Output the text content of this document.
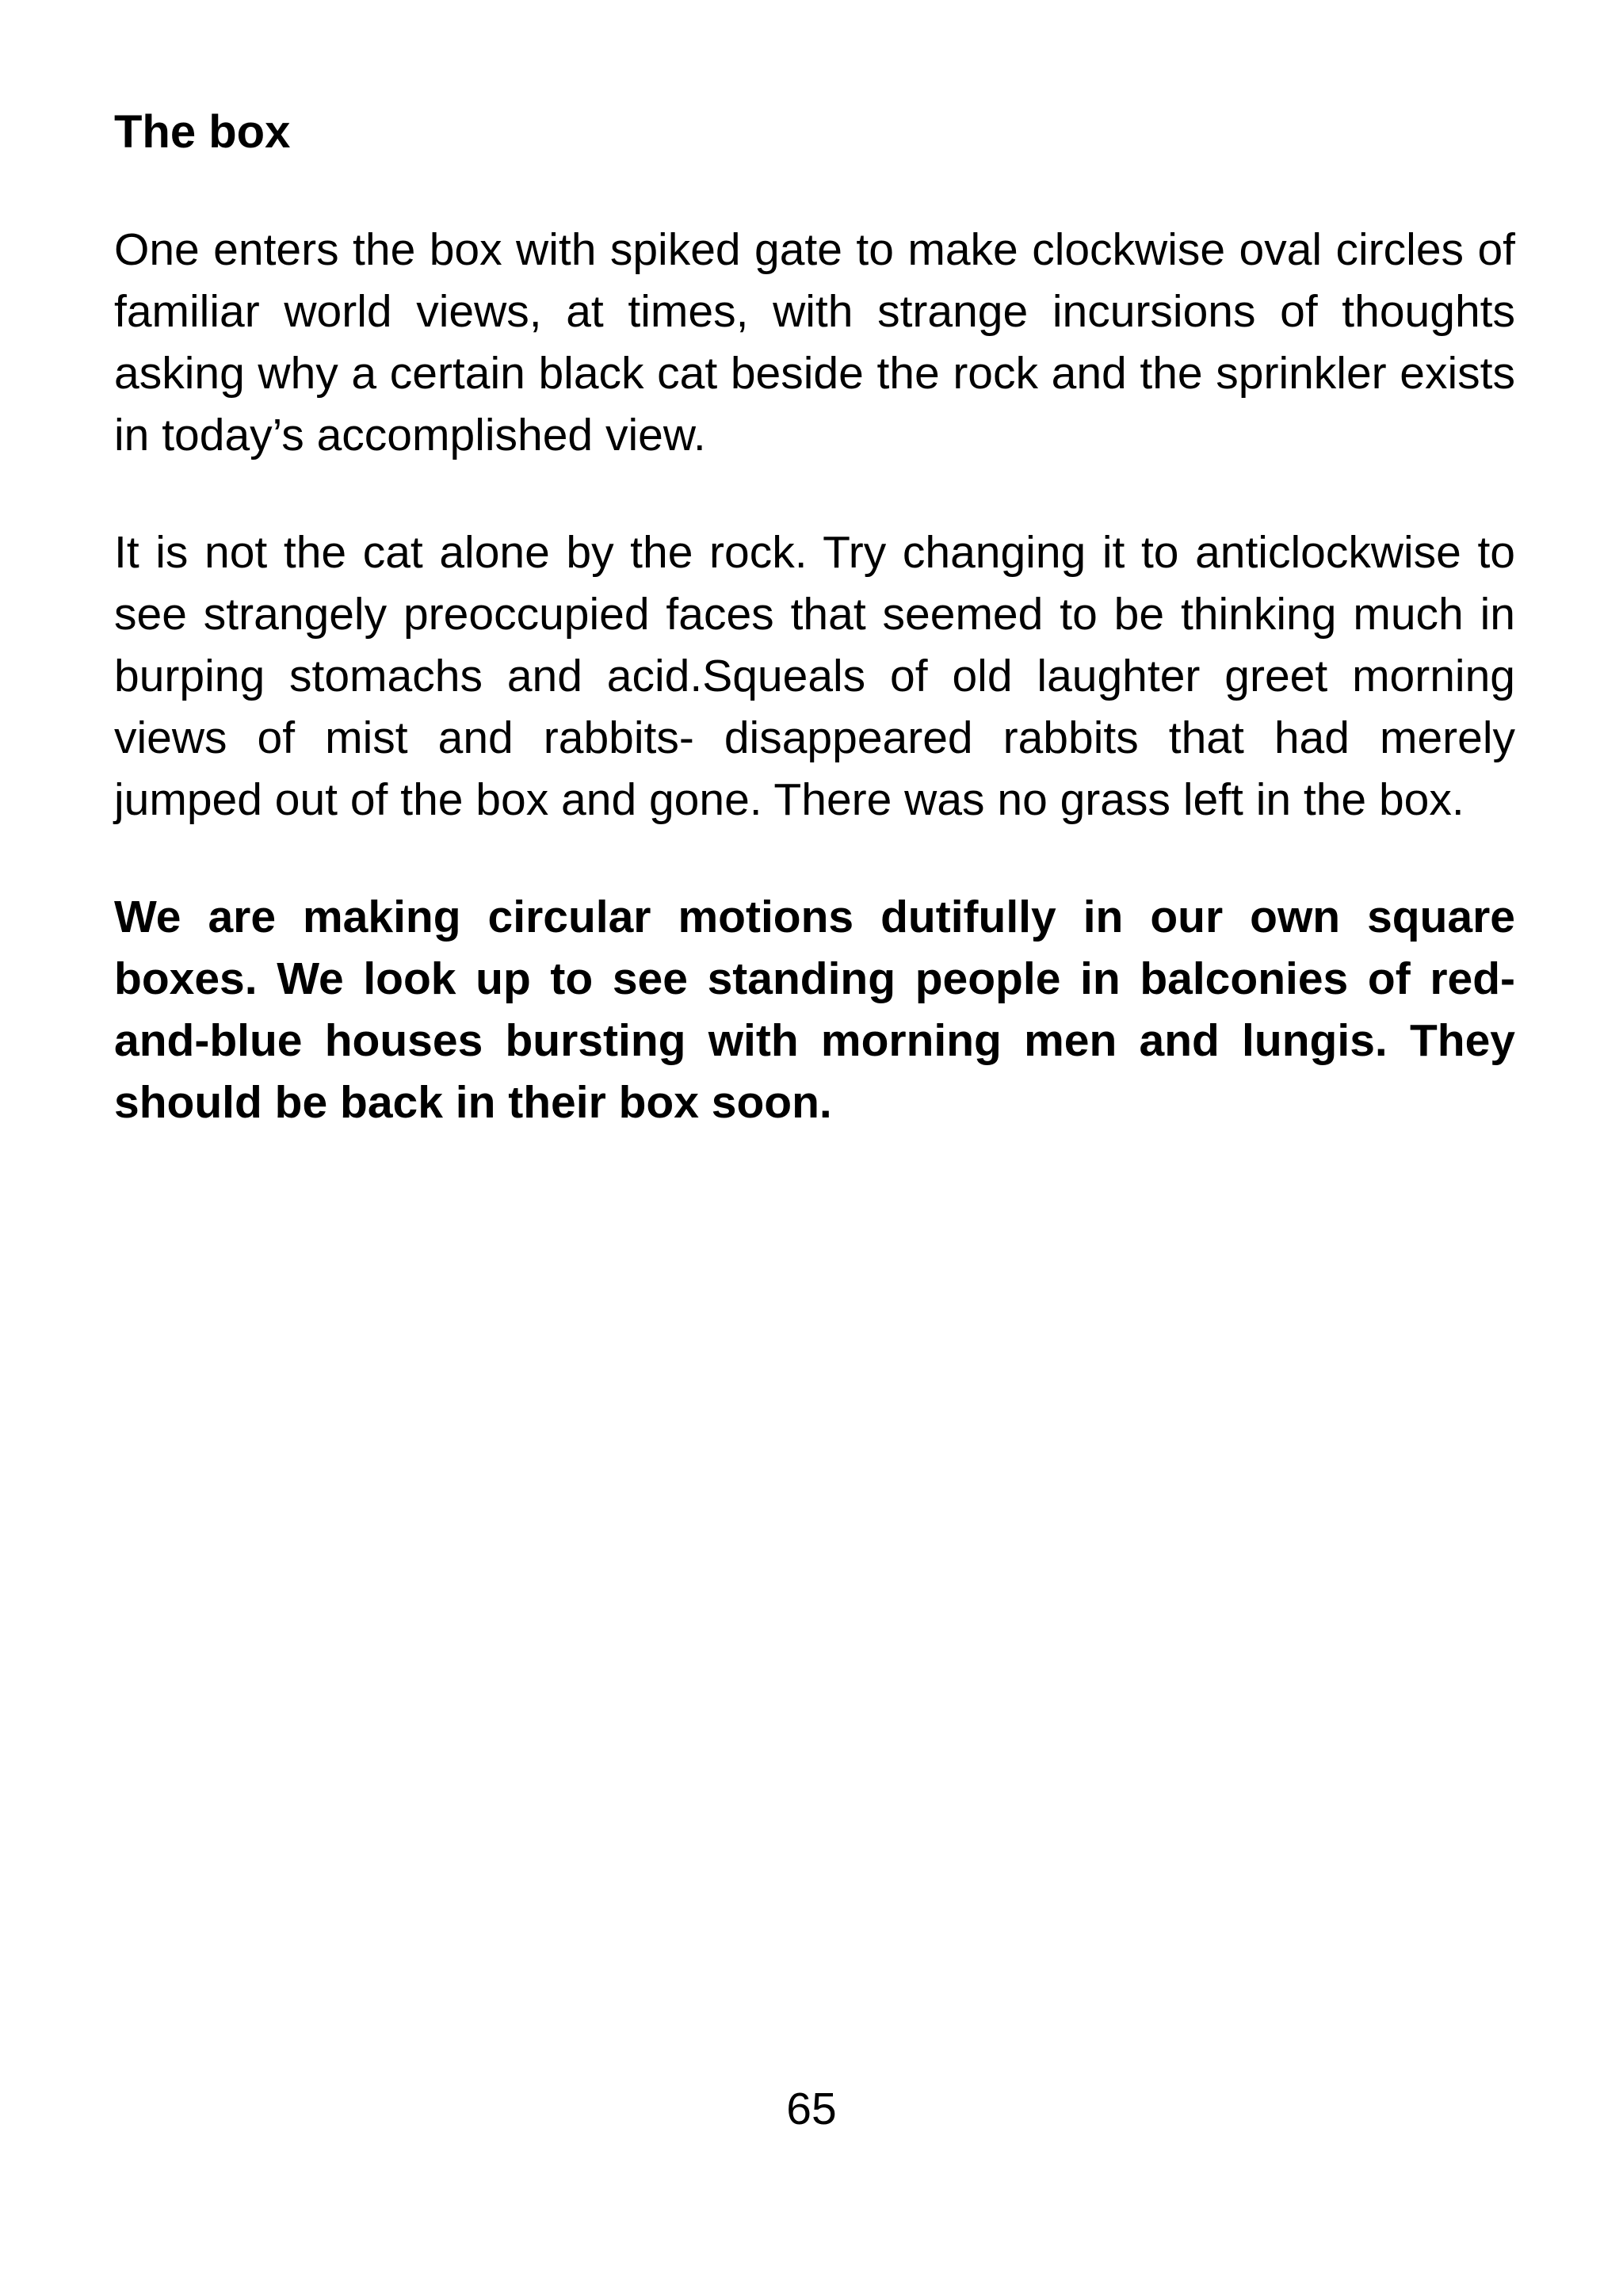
The box

One enters the box with spiked gate to make clockwise oval circles of familiar world views, at times, with strange incursions of thoughts asking why a certain black cat beside the rock and the sprinkler exists in today’s accomplished view.

It is not the cat alone by the rock. Try changing it to anticlockwise to see strangely preoccupied faces that seemed to be thinking much in burping stomachs and acid.Squeals of old laughter greet morning views of mist and rabbits- disappeared rabbits that had merely jumped out of the box and gone. There was no grass left in the box.

We are making circular motions dutifully in our own square boxes. We look up to see standing people in balconies of red-and-blue houses bursting with morning men and lungis. They should be back in their box soon.

65
